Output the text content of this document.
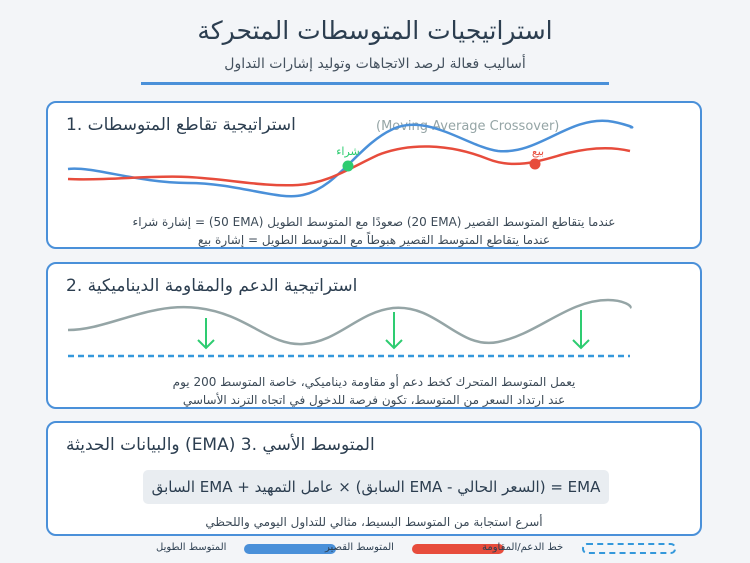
استراتيجيات المتوسطات المتحركة
أساليب فعالة لرصد الاتجاهات وتوليد إشارات التداول
استراتيجية تقاطع المتوسطات .1	(Moving Average Crossover)
شراء	بيع
إشارة شراء = (50 EMA) صعودًا مع المتوسط الطويل (20 EMA) عندما يتقاطع المتوسط القصير
عندما يتقاطع المتوسط القصير هبوطاً مع المتوسط الطويل = إشارة بيع
استراتيجية الدعم والمقاومة الديناميكية .2
يعمل المتوسط المتحرك كخط دعم أو مقاومة ديناميكي، خاصة المتوسط 200 يوم
عند ارتداد السعر من المتوسط، تكون فرصة للدخول في اتجاه الترند الأساسي
والبيانات الحديثة (EMA) المتوسط الأسي .3
السابق EMA + عامل التمهيد × (السابق EMA - السعر الحالي) = EMA
أسرع استجابة من المتوسط البسيط، مثالي للتداول اليومي واللحظي
المتوسط الطويل	المتوسط القصير	خط الدعم/المقاومة
